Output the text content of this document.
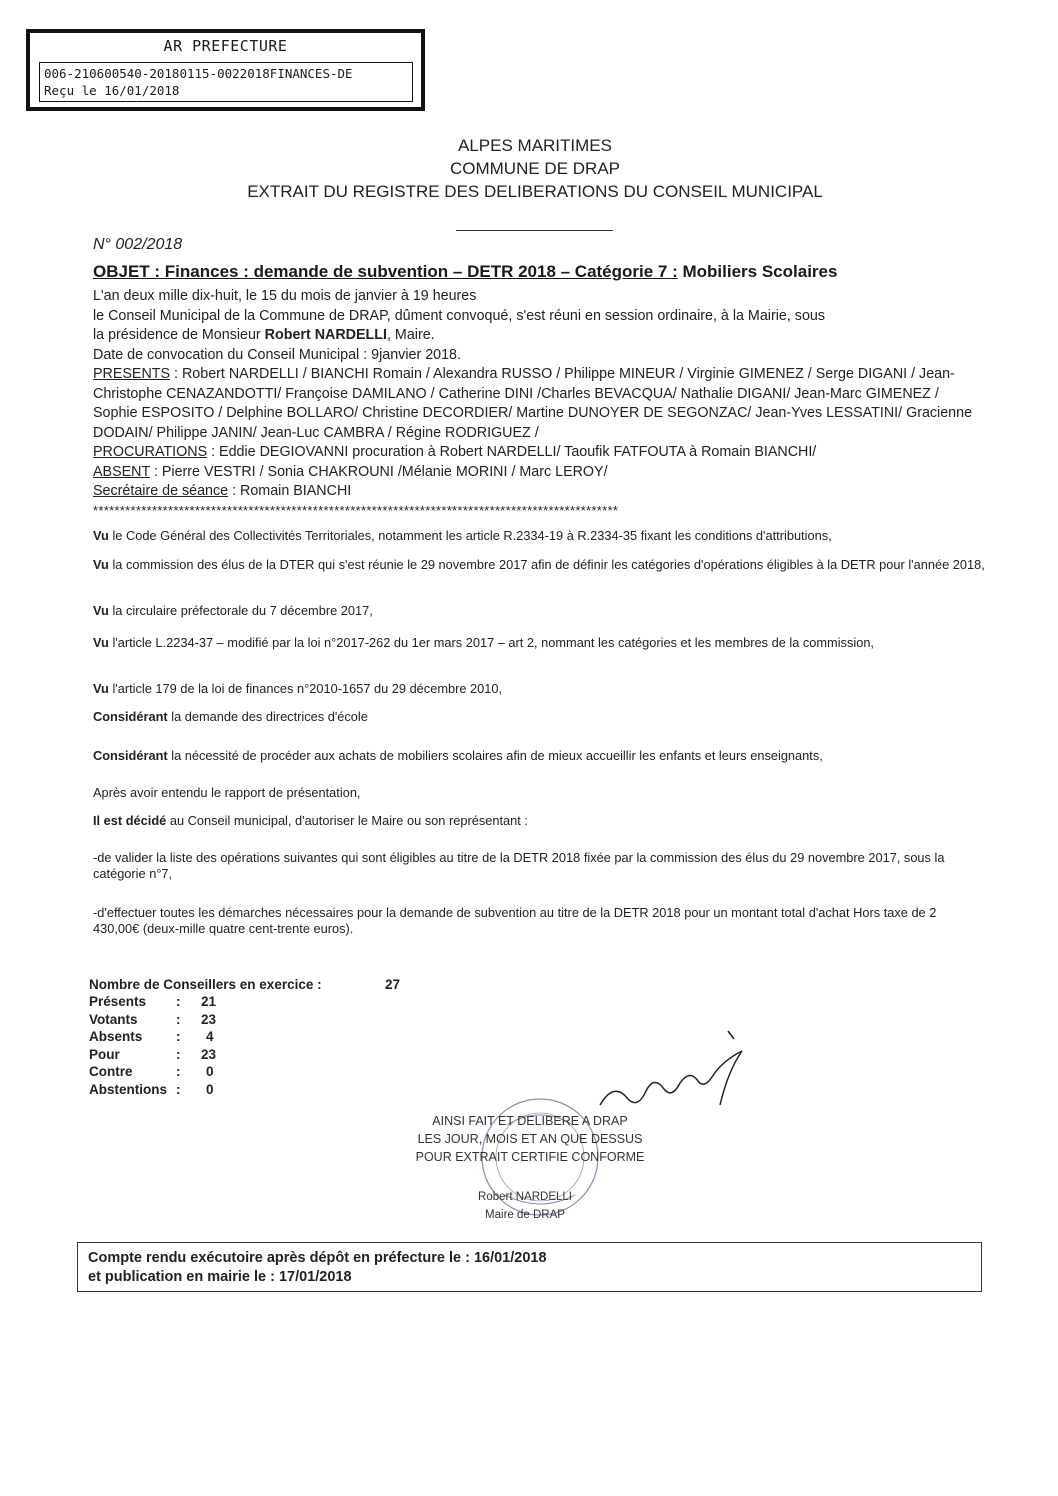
AR PREFECTURE
006-210600540-20180115-0022018FINANCES-DE
Reçu le 16/01/2018
ALPES MARITIMES
COMMUNE DE DRAP
EXTRAIT DU REGISTRE DES DELIBERATIONS DU CONSEIL MUNICIPAL
N° 002/2018
OBJET : Finances : demande de subvention – DETR 2018 – Catégorie 7 : Mobiliers Scolaires

L'an deux mille dix-huit, le 15 du mois de janvier à 19 heures

le Conseil Municipal de la Commune de DRAP, dûment convoqué, s'est réuni en session ordinaire, à la Mairie, sous

la présidence de Monsieur Robert NARDELLI, Maire.

Date de convocation du Conseil Municipal : 9janvier 2018.

PRESENTS : Robert NARDELLI / BIANCHI Romain / Alexandra RUSSO / Philippe MINEUR / Virginie GIMENEZ / Serge DIGANI / Jean-Christophe CENAZANDOTTI/ Françoise DAMILANO / Catherine DINI /Charles BEVACQUA/ Nathalie DIGANI/ Jean-Marc GIMENEZ / Sophie ESPOSITO / Delphine BOLLARO/ Christine DECORDIER/ Martine DUNOYER DE SEGONZAC/ Jean-Yves LESSATINI/ Gracienne DODAIN/ Philippe JANIN/ Jean-Luc CAMBRA / Régine RODRIGUEZ /

PROCURATIONS : Eddie DEGIOVANNI procuration à Robert NARDELLI/ Taoufik FATFOUTA à Romain BIANCHI/

ABSENT : Pierre VESTRI / Sonia CHAKROUNI /Mélanie MORINI / Marc LEROY/

Secrétaire de séance : Romain BIANCHI

**************************************************************************************************

Vu le Code Général des Collectivités Territoriales, notamment les article R.2334-19 à R.2334-35 fixant les conditions d'attributions,

Vu la commission des élus de la DTER qui s'est réunie le 29 novembre 2017 afin de définir les catégories d'opérations éligibles à la DETR pour l'année 2018,

Vu la circulaire préfectorale du 7 décembre 2017,

Vu l'article L.2234-37 – modifié par la loi n°2017-262 du 1er mars 2017 – art 2, nommant les catégories et les membres de la commission,

Vu l'article 179 de la loi de finances n°2010-1657 du 29 décembre 2010,

Considérant la demande des directrices d'école

Considérant la nécessité de procéder aux achats de mobiliers scolaires afin de mieux accueillir les enfants et leurs enseignants,

Après avoir entendu le rapport de présentation,

Il est décidé au Conseil municipal, d'autoriser le Maire ou son représentant :

-de valider la liste des opérations suivantes qui sont éligibles au titre de la DETR 2018 fixée par la commission des élus du 29 novembre 2017, sous la catégorie n°7,

-d'effectuer toutes les démarches nécessaires pour la demande de subvention au titre de la DETR 2018 pour un montant total d'achat Hors taxe de 2 430,00€ (deux-mille quatre cent-trente euros).

Nombre de Conseillers en exercice :	27
Présents : 21
Votants	: 23
Absents : 4
Pour	: 23
Contre	: 0
Abstentions : 0
AINSI FAIT ET DELIBERE A DRAP
LES JOUR, MOIS ET AN QUE DESSUS
POUR EXTRAIT CERTIFIE CONFORME
Robert NARDELLI
Maire de DRAP
Compte rendu exécutoire après dépôt en préfecture le : 16/01/2018
et publication en mairie le : 17/01/2018
